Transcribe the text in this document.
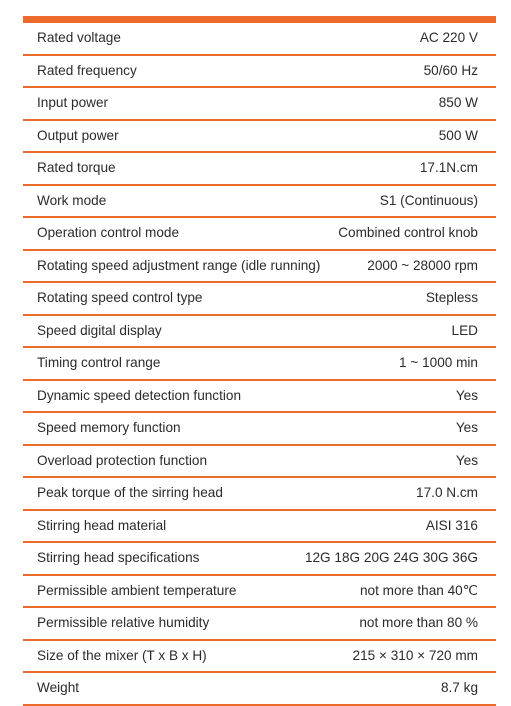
Rated voltage	AC 220 V
Rated frequency	50/60 Hz
Input power	850 W
Output power	500 W
Rated torque	17.1N.cm
Work mode	S1 (Continuous)
Operation control mode	Combined control knob
Rotating speed adjustment range (idle running)	2000 ~ 28000 rpm
Rotating speed control type	Stepless
Speed digital display	LED
Timing control range	1 ~ 1000 min
Dynamic speed detection function	Yes
Speed memory function	Yes
Overload protection function	Yes
Peak torque of the sirring head	17.0 N.cm
Stirring head material	AISI 316
Stirring head specifications	12G 18G 20G 24G 30G 36G
Permissible ambient temperature	not more than 40℃
Permissible relative humidity	not more than 80 %
Size of the mixer (T x B x H)	215 × 310 × 720 mm
Weight	8.7 kg
